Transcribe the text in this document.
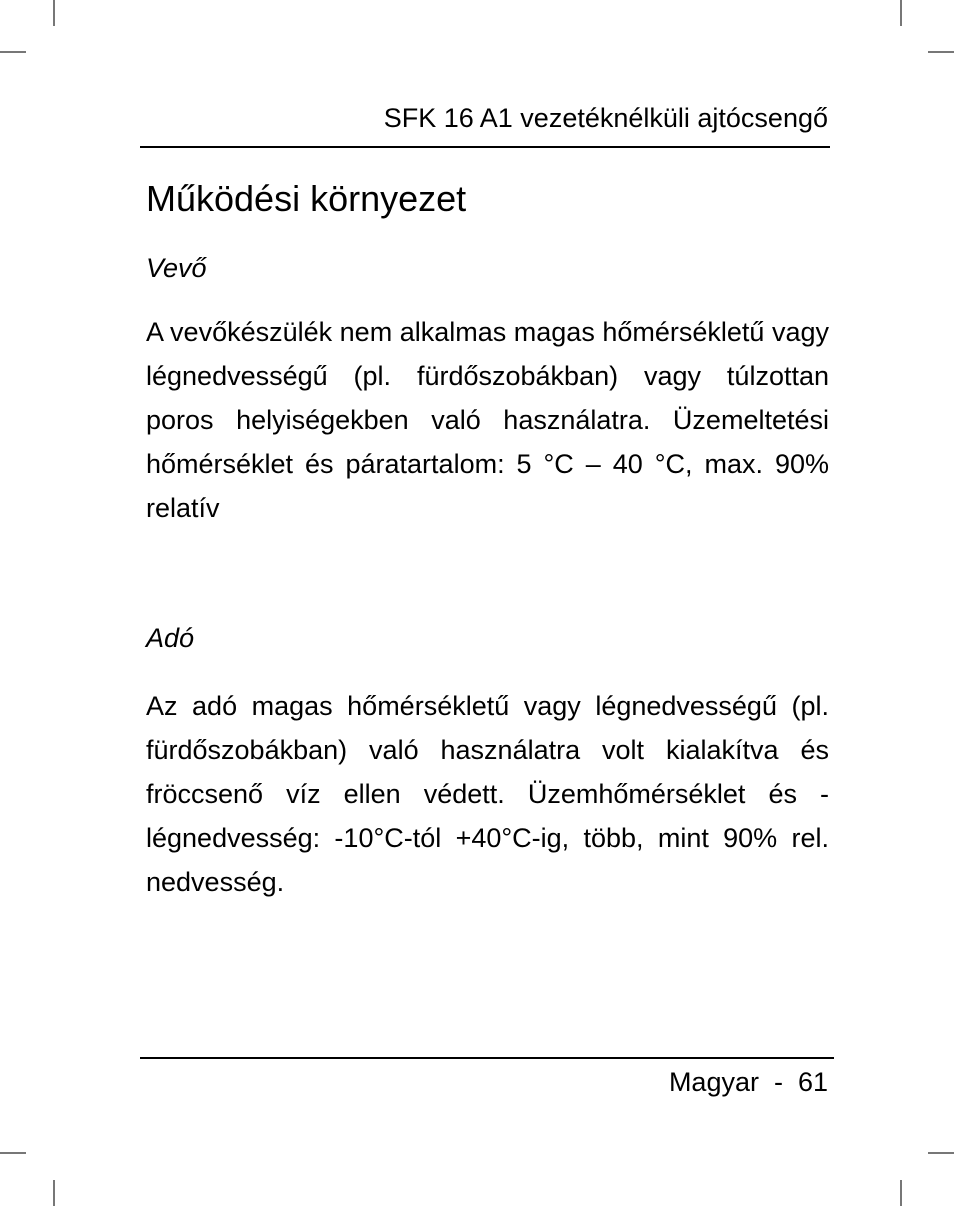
SFK 16 A1 vezetéknélküli ajtócsengő
Működési környezet
Vevő

A vevőkészülék nem alkalmas magas hőmérsékletű vagy légnedvességű (pl. fürdőszobákban) vagy túlzottan poros helyiségekben való használatra. Üzemeltetési hőmérséklet és páratartalom: 5 °C – 40 °C, max. 90% relatív

Adó

Az adó magas hőmérsékletű vagy légnedvességű (pl. fürdőszobákban) való használatra volt kialakítva és fröccsenő víz ellen védett. Üzemhőmérséklet és -légnedvesség: -10°C-tól +40°C-ig, több, mint 90% rel. nedvesség.

Magyar  -  61
